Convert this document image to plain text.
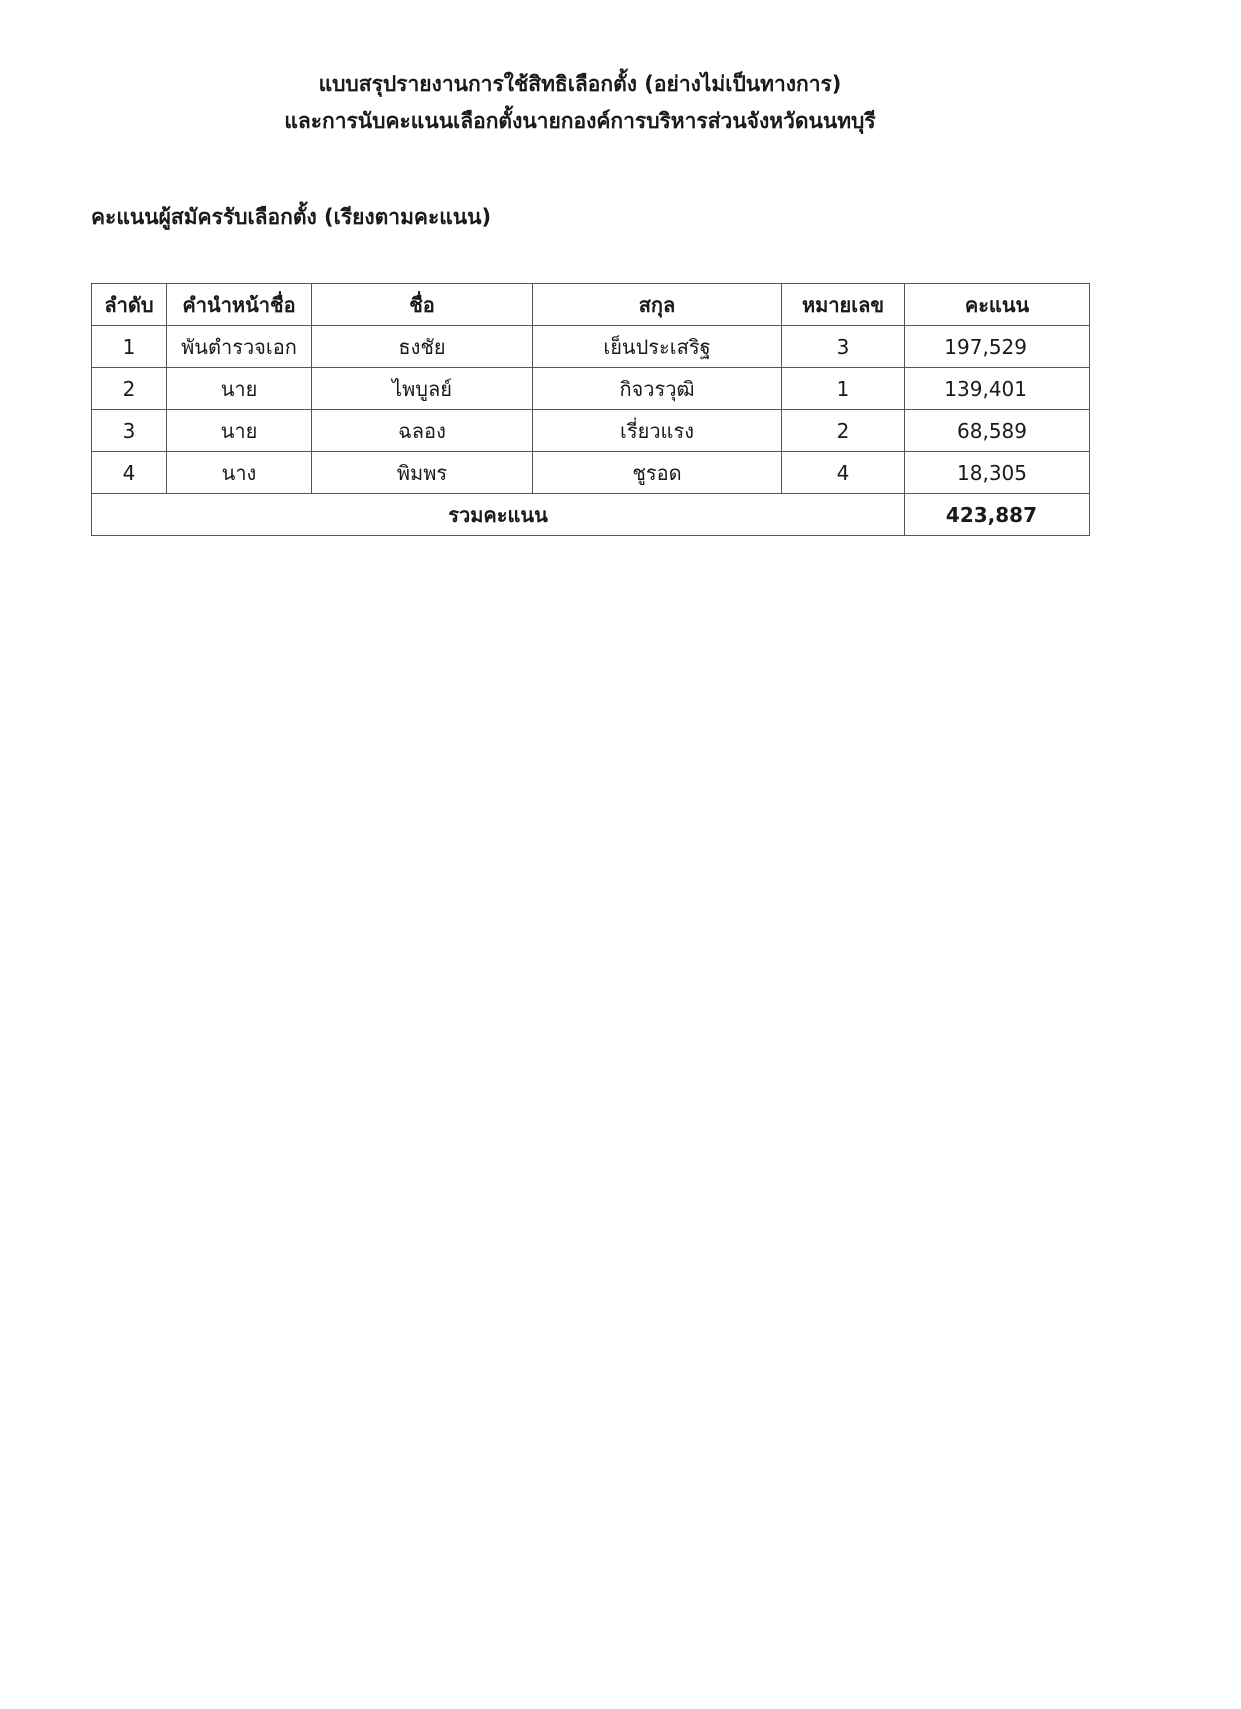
แบบสรุปรายงานการใช้สิทธิเลือกตั้ง (อย่างไม่เป็นทางการ)

และการนับคะแนนเลือกตั้งนายกองค์การบริหารส่วนจังหวัดนนทบุรี

คะแนนผู้สมัครรับเลือกตั้ง (เรียงตามคะแนน)

ลำดับ	คำนำหน้าชื่อ	ชื่อ	สกุล	หมายเลข	คะแนน
1	พันตำรวจเอก	ธงชัย	เย็นประเสริฐ	3	197,529
2	นาย	ไพบูลย์	กิจวรวุฒิ	1	139,401
3	นาย	ฉลอง	เรี่ยวแรง	2	68,589
4	นาง	พิมพร	ชูรอด	4	18,305
รวมคะแนน					423,887
